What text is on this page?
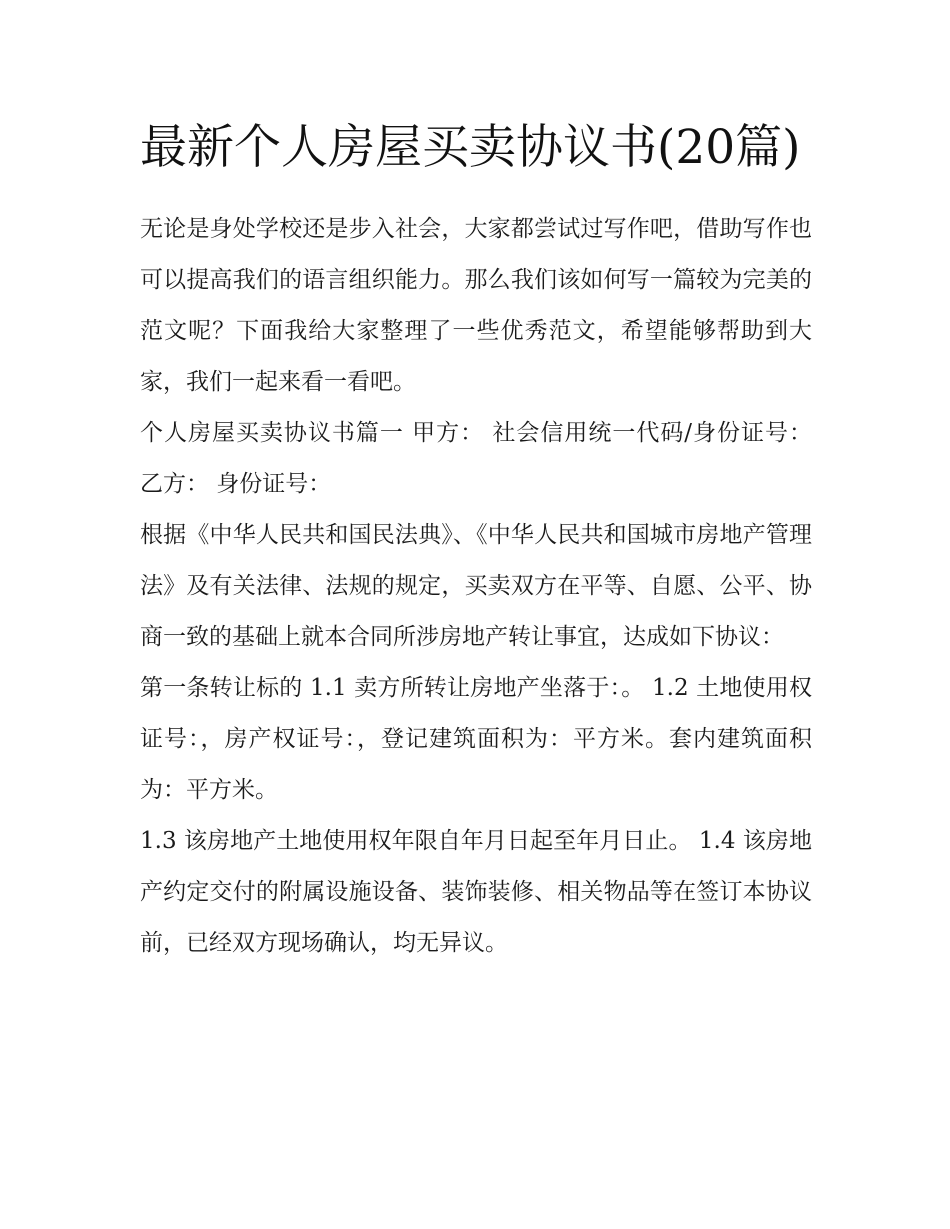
最新个人房屋买卖协议书(20篇)

无论是身处学校还是步入社会，大家都尝试过写作吧，借助写作也可以提高我们的语言组织能力。那么我们该如何写一篇较为完美的范文呢？下面我给大家整理了一些优秀范文，希望能够帮助到大家，我们一起来看一看吧。

个人房屋买卖协议书篇一 甲方： 社会信用统一代码/身份证号： 乙方： 身份证号：

根据《中华人民共和国民法典》、《中华人民共和国城市房地产管理法》及有关法律、法规的规定，买卖双方在平等、自愿、公平、协商一致的基础上就本合同所涉房地产转让事宜，达成如下协议：

第一条转让标的 1.1 卖方所转让房地产坐落于：。 1.2 土地使用权证号：，房产权证号：，登记建筑面积为：平方米。套内建筑面积为：平方米。

1.3 该房地产土地使用权年限自年月日起至年月日止。 1.4 该房地产约定交付的附属设施设备、装饰装修、相关物品等在签订本协议前，已经双方现场确认，均无异议。
